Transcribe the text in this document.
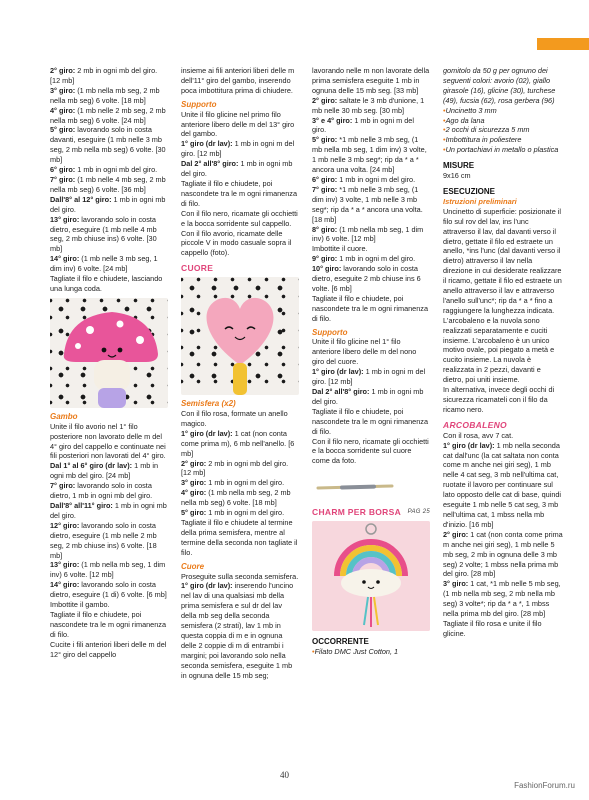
2° giro: 2 mb in ogni mb del giro. [12 mb]

3° giro: (1 mb nella mb seg, 2 mb nella mb seg) 6 volte. [18 mb]

4° giro: (1 mb nelle 2 mb seg, 2 mb nella mb seg) 6 volte. [24 mb]

5° giro: lavorando solo in costa davanti, eseguire (1 mb nelle 3 mb seg, 2 mb nella mb seg) 6 volte. [30 mb]

6° giro: 1 mb in ogni mb del giro.

7° giro: (1 mb nelle 4 mb seg, 2 mb nella mb seg) 6 volte. [36 mb]

Dall'8° al 12° giro: 1 mb in ogni mb del giro.

13° giro: lavorando solo in costa dietro, eseguire (1 mb nelle 4 mb seg, 2 mb chiuse ins) 6 volte. [30 mb]

14° giro: (1 mb nelle 3 mb seg, 1 dim inv) 6 volte. [24 mb]

Tagliate il filo e chiudete, lasciando una lunga coda.

Gambo

Unite il filo avorio nel 1° filo posteriore non lavorato delle m del 4° giro del cappello e continuate nei fili posteriori non lavorati del 4° giro.

Dal 1° al 6° giro (dr lav): 1 mb in ogni mb del giro. [24 mb]

7° giro: lavorando solo in costa dietro, 1 mb in ogni mb del giro.

Dall'8° all'11° giro: 1 mb in ogni mb del giro.

12° giro: lavorando solo in costa dietro, eseguire (1 mb nelle 2 mb seg, 2 mb chiuse ins) 6 volte. [18 mb]

13° giro: (1 mb nella mb seg, 1 dim inv) 6 volte. [12 mb]

14° giro: lavorando solo in costa dietro, eseguire (1 di) 6 volte. [6 mb]

Imbottite il gambo.

Tagliate il filo e chiudete, poi nascondete tra le m ogni rimanenza di filo.

Cucite i fili anteriori liberi delle m del 12° giro del cappello

insieme ai fili anteriori liberi delle m dell'11° giro del gambo, inserendo poca imbottitura prima di chiudere.

Supporto

Unite il filo glicine nel primo filo anteriore libero delle m del 13° giro del gambo.

1° giro (dr lav): 1 mb in ogni m del giro. [12 mb]

Dal 2° all'8° giro: 1 mb in ogni mb del giro.

Tagliate il filo e chiudete, poi nascondete tra le m ogni rimanenza di filo.

Con il filo nero, ricamate gli occhietti e la bocca sorridente sul cappello. Con il filo avorio, ricamate delle piccole V in modo casuale sopra il cappello (foto).

CUORE
Semisfera (x2)

Con il filo rosa, formate un anello magico.

1° giro (dr lav): 1 cat (non conta come prima m), 6 mb nell'anello. [6 mb]

2° giro: 2 mb in ogni mb del giro. [12 mb]

3° giro: 1 mb in ogni m del giro.

4° giro: (1 mb nella mb seg, 2 mb nella mb seg) 6 volte. [18 mb]

5° giro: 1 mb in ogni m del giro.

Tagliate il filo e chiudete al termine della prima semisfera, mentre al termine della seconda non tagliate il filo.

Cuore

Proseguite sulla seconda semisfera.

1° giro (dr lav): inserendo l'uncino nel lav di una qualsiasi mb della prima semisfera e sul dr del lav della mb seg della seconda semisfera (2 strati), lav 1 mb in questa coppia di m e in ognuna delle 2 coppie di m di entrambi i margini; poi lavorando solo nella seconda semisfera, eseguite 1 mb in ognuna delle 15 mb seg;

lavorando nelle m non lavorate della prima semisfera eseguite 1 mb in ognuna delle 15 mb seg. [33 mb]

2° giro: saltate le 3 mb d'unione, 1 mb nelle 30 mb seg. [30 mb]

3° e 4° giro: 1 mb in ogni m del giro.

5° giro: *1 mb nelle 3 mb seg, (1 mb nella mb seg, 1 dim inv) 3 volte, 1 mb nelle 3 mb seg*; rip da * a * ancora una volta. [24 mb]

6° giro: 1 mb in ogni m del giro.

7° giro: *1 mb nelle 3 mb seg, (1 dim inv) 3 volte, 1 mb nelle 3 mb seg*; rip da * a * ancora una volta. [18 mb]

8° giro: (1 mb nella mb seg, 1 dim inv) 6 volte. [12 mb]

Imbottite il cuore.

9° giro: 1 mb in ogni m del giro.

10° giro: lavorando solo in costa dietro, eseguite 2 mb chiuse ins 6 volte. [6 mb]

Tagliate il filo e chiudete, poi nascondete tra le m ogni rimanenza di filo.

Supporto

Unite il filo glicine nel 1° filo anteriore libero delle m del nono giro del cuore.

1° giro (dr lav): 1 mb in ogni m del giro. [12 mb]

Dal 2° all'8° giro: 1 mb in ogni mb del giro.

Tagliate il filo e chiudete, poi nascondete tra le m ogni rimanenza di filo.

Con il filo nero, ricamate gli occhietti e la bocca sorridente sul cuore come da foto.

CHARM PER BORSA PAG 25
OCCORRENTE

• Filato DMC Just Cotton, 1

gomitolo da 50 g per ognuno dei seguenti colori: avorio (02), giallo girasole (16), glicine (30), turchese (49), fucsia (62), rosa gerbera (96)

• Uncinetto 3 mm

• Ago da lana

• 2 occhi di sicurezza 5 mm

• Imbottitura in poliestere

• Un portachiavi in metallo o plastica

MISURE

9x16 cm

ESECUZIONE
Istruzioni preliminari

Uncinetto di superficie: posizionate il filo sul rov del lav, ins l'unc attraverso il lav, dal davanti verso il dietro, gettate il filo ed estraete un anello, *ins l'unc (dal davanti verso il dietro) attraverso il lav nella direzione in cui desiderate realizzare il ricamo, gettate il filo ed estraete un anello attraverso il lav e attraverso l'anello sull'unc*; rip da * a * fino a raggiungere la lunghezza indicata.

L'arcobaleno e la nuvola sono realizzati separatamente e cuciti insieme. L'arcobaleno è un unico motivo ovale, poi piegato a metà e cucito insieme. La nuvola è realizzata in 2 pezzi, davanti e dietro, poi uniti insieme.

In alternativa, invece degli occhi di sicurezza ricamateli con il filo da ricamo nero.

ARCOBALENO

Con il rosa, avv 7 cat.

1° giro (dr lav): 1 mb nella seconda cat dall'unc (la cat saltata non conta come m anche nei giri seg), 1 mb nelle 4 cat seg, 3 mb nell'ultima cat, ruotate il lavoro per continuare sul lato opposto delle cat di base, quindi eseguite 1 mb nelle 5 cat seg, 3 mb nell'ultima cat, 1 mbss nella mb d'inizio. [16 mb]

2° giro: 1 cat (non conta come prima m anche nei giri seg), 1 mb nelle 5 mb seg, 2 mb in ognuna delle 3 mb seg) 2 volte; 1 mbss nella prima mb del giro. [28 mb]

3° giro: 1 cat, *1 mb nelle 5 mb seg, (1 mb nella mb seg, 2 mb nella mb seg) 3 volte*; rip da * a *, 1 mbss nella prima mb del giro. [28 mb] Tagliate il filo rosa e unite il filo glicine.

40
FashionForum.ru
